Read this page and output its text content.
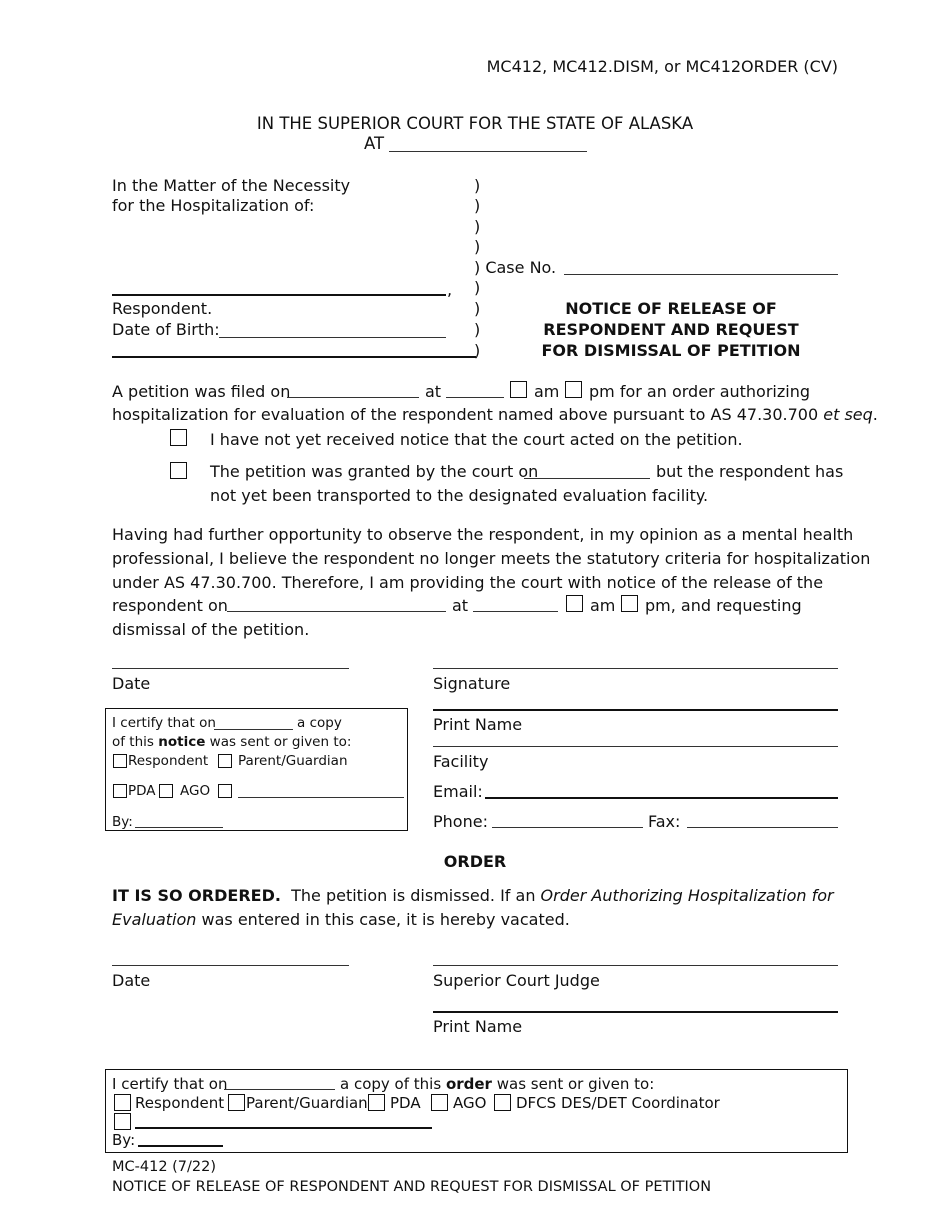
MC412, MC412.DISM, or MC412ORDER (CV)
IN THE SUPERIOR COURT FOR THE STATE OF ALASKA
AT
In the Matter of the Necessity
for the Hospitalization of:
,
Respondent.
Date of Birth:
)
)
)
)
)
)
)
)
) Case No.
NOTICE OF RELEASE OF
RESPONDENT AND REQUEST
FOR DISMISSAL OF PETITION
A petition was filed on	at	am pm for an order authorizing
hospitalization for evaluation of the respondent named above pursuant to AS 47.30.700 et seq.
I have not yet received notice that the court acted on the petition.
The petition was granted by the court on	but the respondent has
not yet been transported to the designated evaluation facility.
Having had further opportunity to observe the respondent, in my opinion as a mental health
professional, I believe the respondent no longer meets the statutory criteria for hospitalization
under AS 47.30.700. Therefore, I am providing the court with notice of the release of the
respondent on	at	am pm, and requesting
dismissal of the petition.
Date	Signature
Print Name
Facility
Email:
Phone:	Fax:
I certify that on	a copy
of this notice was sent or given to:
Respondent Parent/Guardian
PDA AGO
By:
ORDER
IT IS SO ORDERED. The petition is dismissed. If an Order Authorizing Hospitalization for
Evaluation was entered in this case, it is hereby vacated.
Date	Superior Court Judge
Print Name
I certify that on	a copy of this order was sent or given to:
Respondent Parent/Guardian PDA AGO DFCS DES/DET Coordinator
By:
MC-412 (7/22)
NOTICE OF RELEASE OF RESPONDENT AND REQUEST FOR DISMISSAL OF PETITION
